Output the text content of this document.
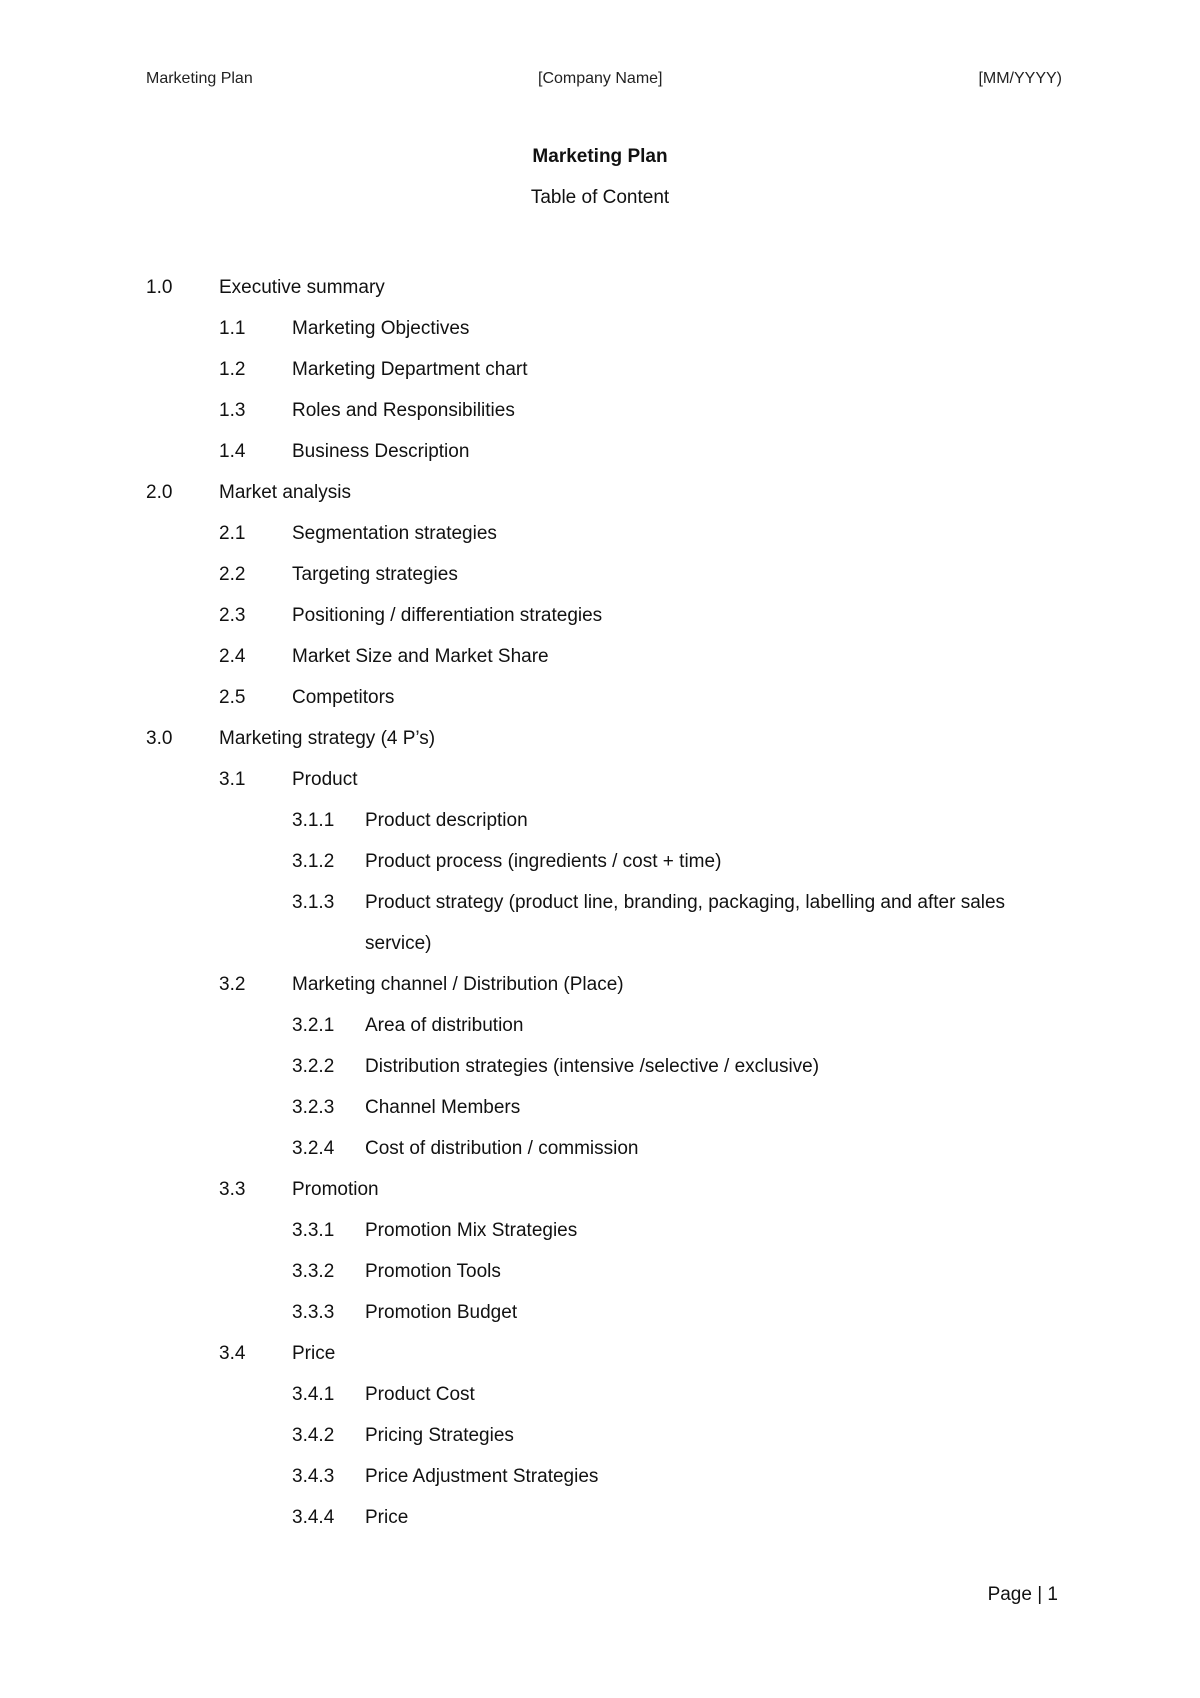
Marketing Plan	[Company Name]	[MM/YYYY)
Marketing Plan
Table of Content
1.0 Executive summary
1.1 Marketing Objectives
1.2 Marketing Department chart
1.3 Roles and Responsibilities
1.4 Business Description
2.0 Market analysis
2.1 Segmentation strategies
2.2 Targeting strategies
2.3 Positioning / differentiation strategies
2.4 Market Size and Market Share
2.5 Competitors
3.0 Marketing strategy (4 P’s)
3.1 Product
3.1.1 Product description
3.1.2 Product process (ingredients / cost + time)
3.1.3 Product strategy (product line, branding, packaging, labelling and after sales service)
3.2 Marketing channel / Distribution (Place)
3.2.1 Area of distribution
3.2.2 Distribution strategies (intensive /selective / exclusive)
3.2.3 Channel Members
3.2.4 Cost of distribution / commission
3.3 Promotion
3.3.1 Promotion Mix Strategies
3.3.2 Promotion Tools
3.3.3 Promotion Budget
3.4 Price
3.4.1 Product Cost
3.4.2 Pricing Strategies
3.4.3 Price Adjustment Strategies
3.4.4 Price
Page | 1
